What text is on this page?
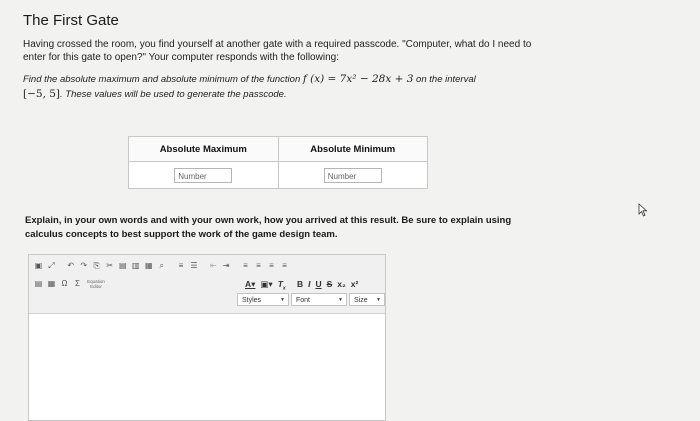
The First Gate
Having crossed the room, you find yourself at another gate with a required passcode. "Computer, what do I need to enter for this gate to open?" Your computer responds with the following:
Find the absolute maximum and absolute minimum of the function f (x) = 7x² − 28x + 3 on the interval
[−5, 5]. These values will be used to generate the passcode.
Absolute Maximum	Absolute Minimum
Number	Number
Explain, in your own words and with your own work, how you arrived at this result. Be sure to explain using calculus concepts to best support the work of the game design team.
▣ ⤢ ↶ ↷ ⎘ ✂ ▤ ▥ ▦ ⌕ ≡ ☰ ⇤ ⇥ ≡ ≡ ≡ ≡
▤ ▦ Ω Σ Equation Editor	A▾ ▣▾ $T_x$ B I U S x₂ x²
Styles	▼	Font	▼	Size ▼
